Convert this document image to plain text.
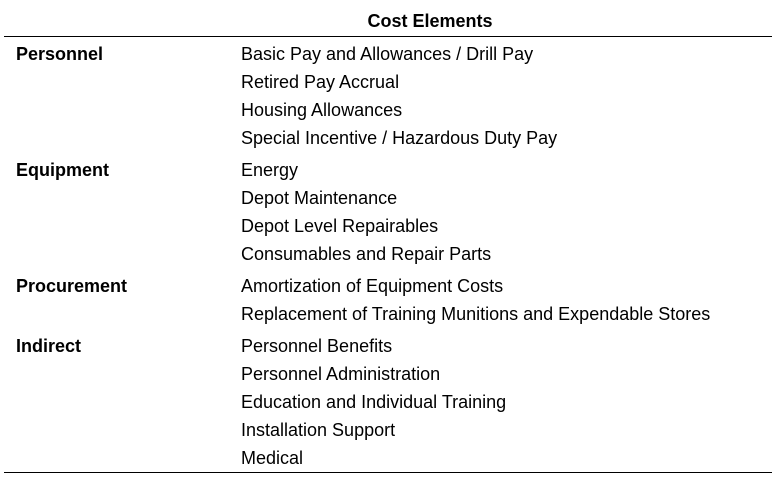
Cost Elements
Personnel	Basic Pay and Allowances / Drill Pay
Retired Pay Accrual
Housing Allowances
Special Incentive / Hazardous Duty Pay
Equipment	Energy
Depot Maintenance
Depot Level Repairables
Consumables and Repair Parts
Procurement	Amortization of Equipment Costs
Replacement of Training Munitions and Expendable Stores
Indirect	Personnel Benefits
Personnel Administration
Education and Individual Training
Installation Support
Medical
